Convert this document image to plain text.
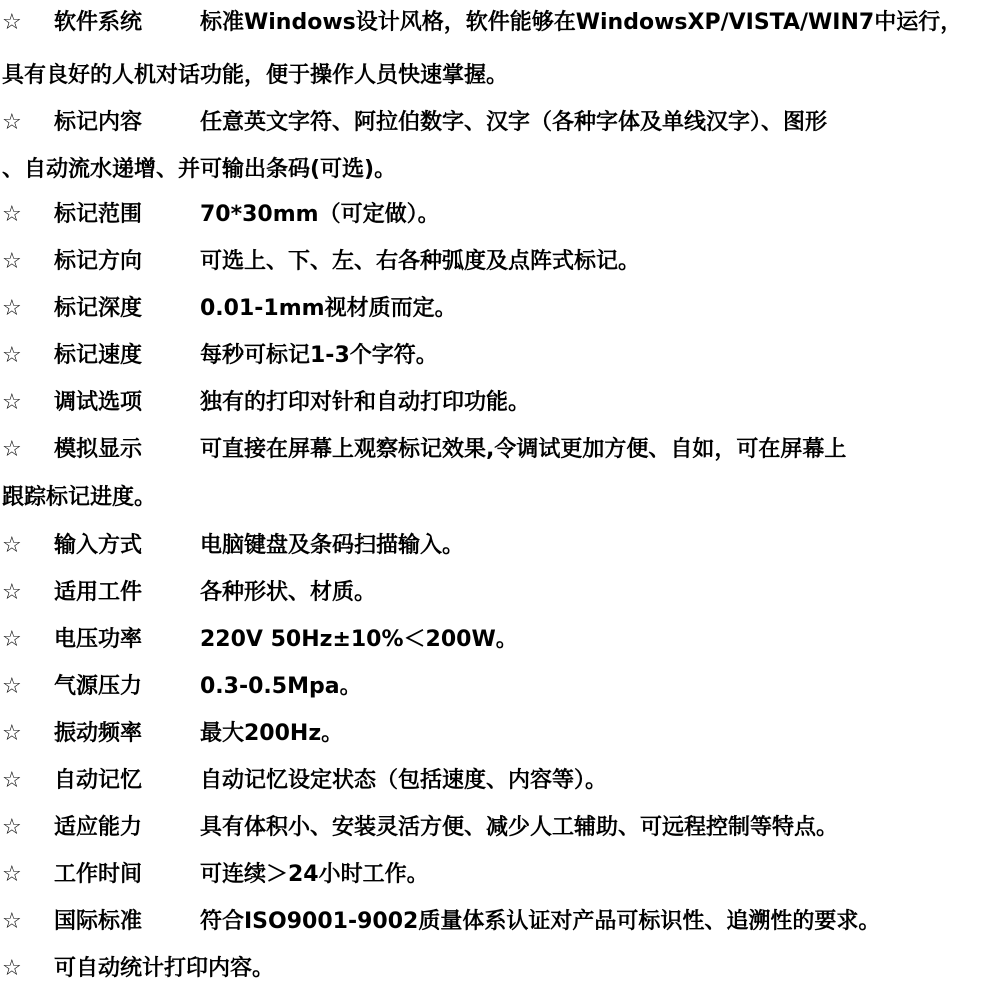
☆ 软件系统	标准Windows设计风格，软件能够在WindowsXP/VISTA/WIN7中运行，
具有良好的人机对话功能，便于操作人员快速掌握。
☆ 标记内容	任意英文字符、阿拉伯数字、汉字（各种字体及单线汉字）、图形
、自动流水递增、并可输出条码(可选)。
☆ 标记范围	70*30mm（可定做）。
☆ 标记方向	可选上、下、左、右各种弧度及点阵式标记。
☆ 标记深度	0.01-1mm视材质而定。
☆ 标记速度	每秒可标记1-3个字符。
☆ 调试选项	独有的打印对针和自动打印功能。
☆ 模拟显示	可直接在屏幕上观察标记效果,令调试更加方便、自如，可在屏幕上
跟踪标记进度。
☆ 输入方式	电脑键盘及条码扫描输入。
☆ 适用工件	各种形状、材质。
☆ 电压功率	220V 50Hz±10%＜200W。
☆ 气源压力	0.3-0.5Mpa。
☆ 振动频率	最大200Hz。
☆ 自动记忆	自动记忆设定状态（包括速度、内容等）。
☆ 适应能力	具有体积小、安装灵活方便、减少人工辅助、可远程控制等特点。
☆ 工作时间	可连续＞24小时工作。
☆ 国际标准	符合ISO9001-9002质量体系认证对产品可标识性、追溯性的要求。
☆ 可自动统计打印内容。
